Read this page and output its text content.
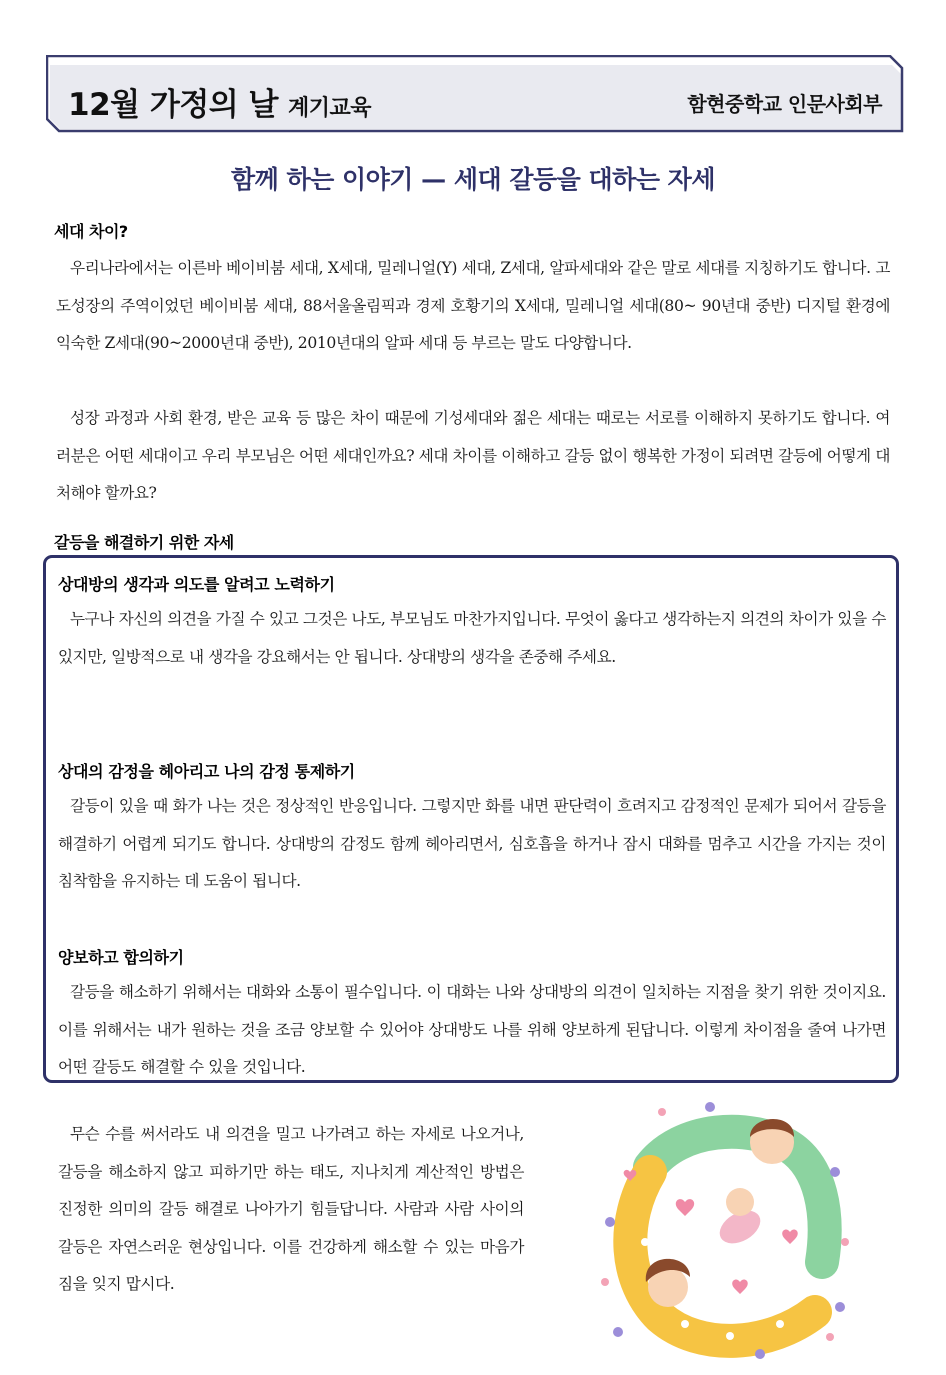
12월 가정의 날 계기교육	함현중학교 인문사회부
함께 하는 이야기 — 세대 갈등을 대하는 자세
세대 차이?

우리나라에서는 이른바 베이비붐 세대, X세대, 밀레니얼(Y) 세대, Z세대, 알파세대와 같은 말로 세대를 지칭하기도 합니다. 고도성장의 주역이었던 베이비붐 세대, 88서울올림픽과 경제 호황기의 X세대, 밀레니얼 세대(80~ 90년대 중반) 디지털 환경에 익숙한 Z세대(90~2000년대 중반), 2010년대의 알파 세대 등 부르는 말도 다양합니다.

성장 과정과 사회 환경, 받은 교육 등 많은 차이 때문에 기성세대와 젊은 세대는 때로는 서로를 이해하지 못하기도 합니다. 여러분은 어떤 세대이고 우리 부모님은 어떤 세대인까요? 세대 차이를 이해하고 갈등 없이 행복한 가정이 되려면 갈등에 어떻게 대처해야 할까요?

갈등을 해결하기 위한 자세
상대방의 생각과 의도를 알려고 노력하기

누구나 자신의 의견을 가질 수 있고 그것은 나도, 부모님도 마찬가지입니다. 무엇이 옳다고 생각하는지 의견의 차이가 있을 수 있지만, 일방적으로 내 생각을 강요해서는 안 됩니다. 상대방의 생각을 존중해 주세요.

상대의 감정을 헤아리고 나의 감정 통제하기

갈등이 있을 때 화가 나는 것은 정상적인 반응입니다. 그렇지만 화를 내면 판단력이 흐려지고 감정적인 문제가 되어서 갈등을 해결하기 어렵게 되기도 합니다. 상대방의 감정도 함께 헤아리면서, 심호흡을 하거나 잠시 대화를 멈추고 시간을 가지는 것이 침착함을 유지하는 데 도움이 됩니다.

양보하고 합의하기

갈등을 해소하기 위해서는 대화와 소통이 필수입니다. 이 대화는 나와 상대방의 의견이 일치하는 지점을 찾기 위한 것이지요. 이를 위해서는 내가 원하는 것을 조금 양보할 수 있어야 상대방도 나를 위해 양보하게 된답니다. 이렇게 차이점을 줄여 나가면 어떤 갈등도 해결할 수 있을 것입니다.

무슨 수를 써서라도 내 의견을 밀고 나가려고 하는 자세로 나오거나, 갈등을 해소하지 않고 피하기만 하는 태도, 지나치게 계산적인 방법은 진정한 의미의 갈등 해결로 나아가기 힘들답니다. 사람과 사람 사이의 갈등은 자연스러운 현상입니다. 이를 건강하게 해소할 수 있는 마음가짐을 잊지 맙시다.
